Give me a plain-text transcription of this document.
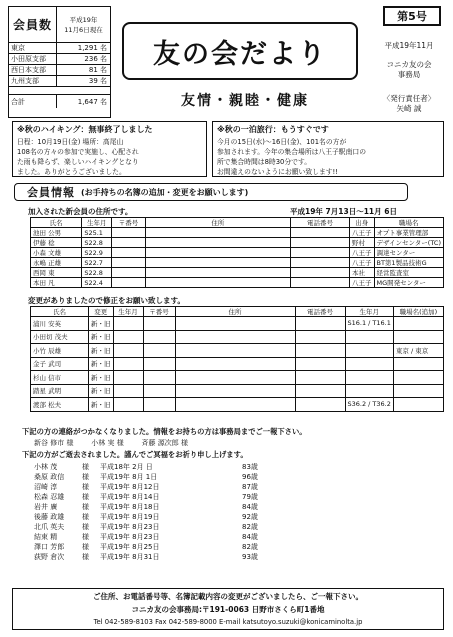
会員数	平成19年
11月6日現在
東京	1,291 名
小田原支部	236 名
西日本支部	81 名
九州支部	39 名
合計	1,647 名
友の会だより
友情・親睦・健康
第5号
平成19年11月
コニカ友の会
事務局
〈発行責任者〉
矢崎 誠
※秋のハイキング：無事終了しました
日程：10月19日(金) 場所：高尾山
108名の方々の参加で実施し、心配され
た雨も降らず、楽しいハイキングとなり
ました。ありがとうございました。
※秋の一泊旅行：もうすぐです
今月の15日(水)～16日(金)、101名の方が
参加されます。今年の集合場所は八王子駅南口の
所で集合時間は8時30分です。
お間違えのないようにお願い致します!!
会員情報 (お手持ちの名簿の追加・変更をお願いします)
加入された新会員の住所です。	平成19年 7月13日～11月 6日
氏名	生年月	〒番号	住所	電話番号	出身	職場名
池田 公男	S25.1				八王子	オプト事業管理部
伊藤 稔	S22.8				野村	デザインセンター(TC)
小森 文雄	S22.9				八王子	調達センター
永嶋 正雄	S22.7				八王子	BT第1製品技術G
西岡 東	S22.8				本社	経営監査室
本田 凡	S22.4				八王子	MG開発センター
変更がありましたので修正をお願い致します。
氏名	変更	生年月	〒番号	住所	電話番号	生年月	職場名(追加)
浦川 安英	新・旧					S16.1 / T16.1	
小田切 茂夫	新・旧						
小竹 辰雄	新・旧						東京 / 東京
金子 武司	新・旧						
杉山 信市	新・旧						
踏星 武明	新・旧						
渡部 松夫	新・旧					S36.2 / T36.2	
下記の方の連絡がつかなくなりました。情報をお持ちの方は事務局までご一報下さい。
新谷 修市 様        小林 実 様        斉藤 源次郎 様
下記の方がご逝去されました。謹んでご冥福をお祈り申し上げます。
小林 茂	様	平成18年 2月 日	83歳
桑原 政信	様	平成19年 8月 1日	96歳
沼崎 淳	様	平成19年 8月12日	87歳
松森 忍雄	様	平成19年 8月14日	79歳
岩井 廣	様	平成19年 8月18日	84歳
後藤 政雄	様	平成19年 8月19日	92歳
北爪 英夫	様	平成19年 8月23日	82歳
結束 精	様	平成19年 8月23日	84歳
澤口 芳郎	様	平成19年 8月25日	82歳
荻野 倉次	様	平成19年 8月31日	93歳
ご住所、お電話番号等、名簿記載内容の変更がございましたら、ご一報下さい。
コニカ友の会事務局:〒191-0063 日野市さくら町1番地
Tel 042-589-8103 Fax 042-589-8000 E-mail katsutoyo.suzuki@konicaminolta.jp
